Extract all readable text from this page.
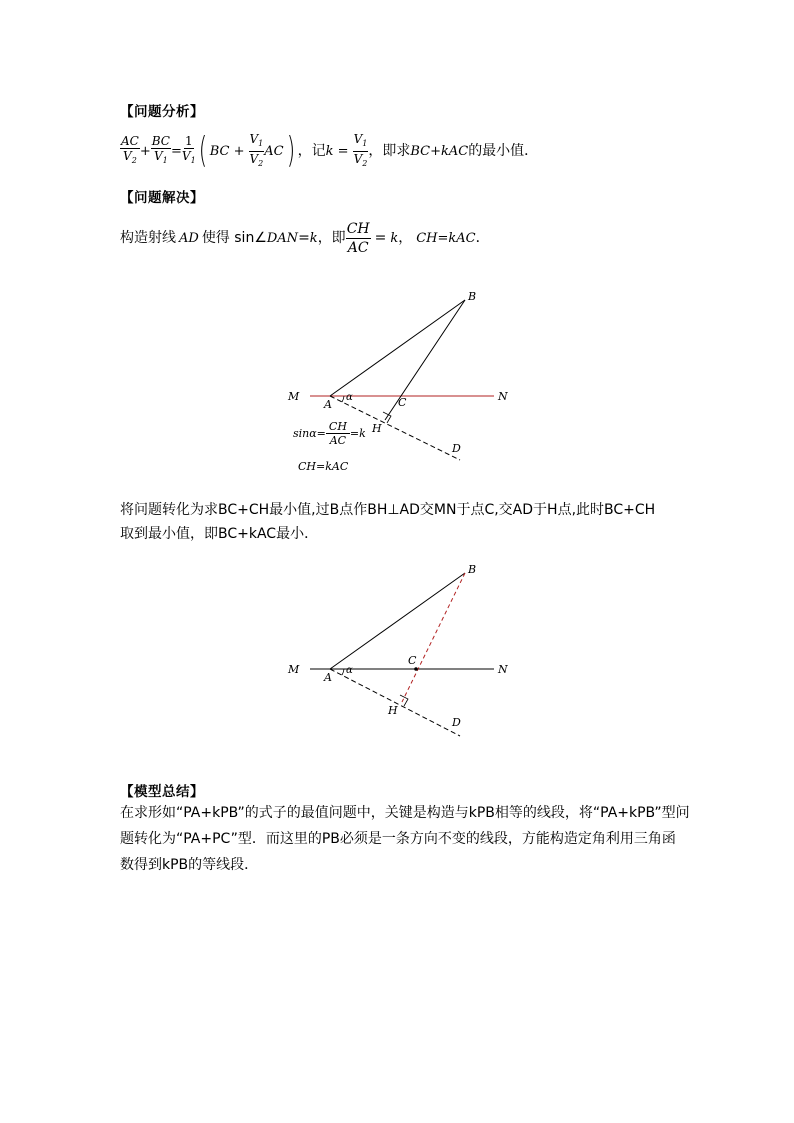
【问题分析】
$\frac{AC}{V_2} + \frac{BC}{V_1} = \frac{1}{V_1}$ ( BC + $\frac{V_1}{V_2}$ AC ) ，记 $k = \frac{V_1}{V_2}$ ，即求 BC+kAC 的最小值．
【问题解决】
构造射线 AD 使得 sin∠ DAN = k ，即 $\frac{CH}{AC} = k$ ， CH=kAC ．
B
M	N
A	C
H
D
α
$\sin\alpha= \frac{CH}{AC} =k$
CH=kAC
将问题转化为求BC+CH最小值,过B点作BH⊥AD交MN于点C,交AD于H点,此时BC+CH
取到最小值，即BC+kAC最小．
B
M	N
A
C
H
D
α
【模型总结】
在求形如“PA+kPB”的式子的最值问题中，关键是构造与kPB相等的线段，将“PA+kPB”型问
题转化为“PA+PC”型．而这里的PB必须是一条方向不变的线段，方能构造定角利用三角函
数得到kPB的等线段．
